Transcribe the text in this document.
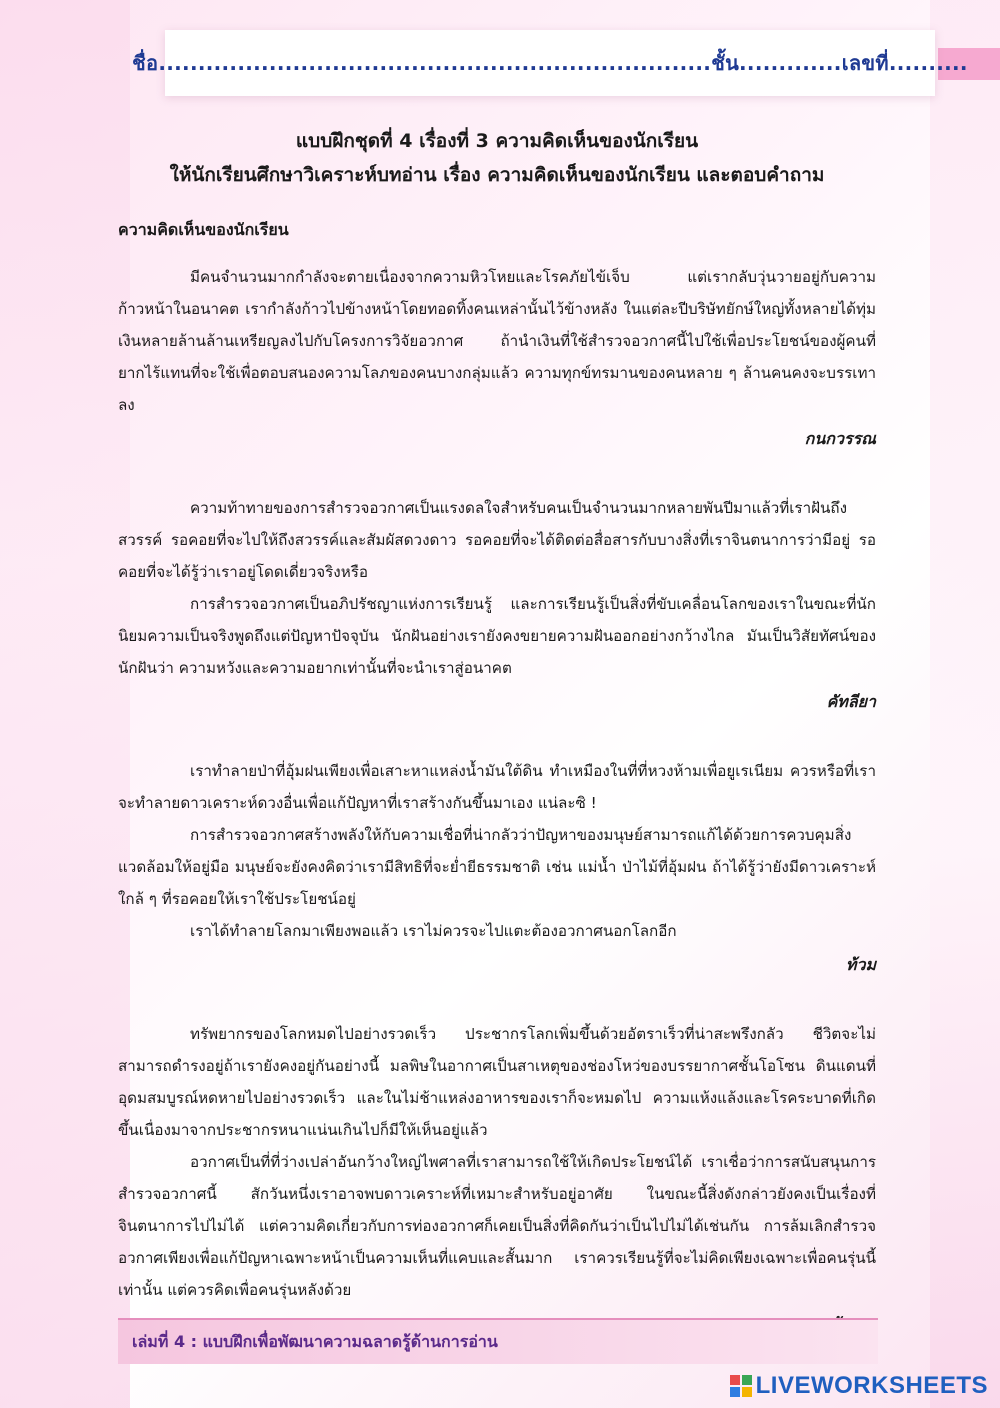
ชื่อ......................................................................ชั้น.............เลขที่..........
แบบฝึกชุดที่ 4 เรื่องที่ 3 ความคิดเห็นของนักเรียน
ให้นักเรียนศึกษาวิเคราะห์บทอ่าน เรื่อง ความคิดเห็นของนักเรียน และตอบคำถาม
ความคิดเห็นของนักเรียน

มีคนจำนวนมากกำลังจะตายเนื่องจากความหิวโหยและโรคภัยไข้เจ็บ แต่เรากลับวุ่นวายอยู่กับความก้าวหน้าในอนาคต เรากำลังก้าวไปข้างหน้าโดยทอดทิ้งคนเหล่านั้นไว้ข้างหลัง ในแต่ละปีบริษัทยักษ์ใหญ่ทั้งหลายได้ทุ่มเงินหลายล้านล้านเหรียญลงไปกับโครงการวิจัยอวกาศ ถ้านำเงินที่ใช้สำรวจอวกาศนี้ไปใช้เพื่อประโยชน์ของผู้คนที่ยากไร้แทนที่จะใช้เพื่อตอบสนองความโลภของคนบางกลุ่มแล้ว ความทุกข์ทรมานของคนหลาย ๆ ล้านคนคงจะบรรเทาลง

กนกวรรณ

ความท้าทายของการสำรวจอวกาศเป็นแรงดลใจสำหรับคนเป็นจำนวนมากหลายพันปีมาแล้วที่เราฝันถึงสวรรค์ รอคอยที่จะไปให้ถึงสวรรค์และสัมผัสดวงดาว รอคอยที่จะได้ติดต่อสื่อสารกับบางสิ่งที่เราจินตนาการว่ามีอยู่ รอคอยที่จะได้รู้ว่าเราอยู่โดดเดี่ยวจริงหรือ

การสำรวจอวกาศเป็นอภิปรัชญาแห่งการเรียนรู้ และการเรียนรู้เป็นสิ่งที่ขับเคลื่อนโลกของเราในขณะที่นักนิยมความเป็นจริงพูดถึงแต่ปัญหาปัจจุบัน นักฝันอย่างเรายังคงขยายความฝันออกอย่างกว้างไกล มันเป็นวิสัยทัศน์ของนักฝันว่า ความหวังและความอยากเท่านั้นที่จะนำเราสู่อนาคต

คัทลียา

เราทำลายป่าที่อุ้มฝนเพียงเพื่อเสาะหาแหล่งน้ำมันใต้ดิน ทำเหมืองในที่ที่หวงห้ามเพื่อยูเรเนียม ควรหรือที่เราจะทำลายดาวเคราะห์ดวงอื่นเพื่อแก้ปัญหาที่เราสร้างกันขึ้นมาเอง แน่ละซิ !

การสำรวจอวกาศสร้างพลังให้กับความเชื่อที่น่ากลัวว่าปัญหาของมนุษย์สามารถแก้ได้ด้วยการควบคุมสิ่งแวดล้อมให้อยู่มือ มนุษย์จะยังคงคิดว่าเรามีสิทธิที่จะย่ำยีธรรมชาติ เช่น แม่น้ำ ป่าไม้ที่อุ้มฝน ถ้าได้รู้ว่ายังมีดาวเคราะห์ใกล้ ๆ ที่รอคอยให้เราใช้ประโยชน์อยู่

เราได้ทำลายโลกมาเพียงพอแล้ว เราไม่ควรจะไปแตะต้องอวกาศนอกโลกอีก

ท้วม

ทรัพยากรของโลกหมดไปอย่างรวดเร็ว ประชากรโลกเพิ่มขึ้นด้วยอัตราเร็วที่น่าสะพรึงกลัว ชีวิตจะไม่สามารถดำรงอยู่ถ้าเรายังคงอยู่กันอย่างนี้ มลพิษในอากาศเป็นสาเหตุของช่องโหว่ของบรรยากาศชั้นโอโซน ดินแดนที่อุดมสมบูรณ์หดหายไปอย่างรวดเร็ว และในไม่ช้าแหล่งอาหารของเราก็จะหมดไป ความแห้งแล้งและโรคระบาดที่เกิดขึ้นเนื่องมาจากประชากรหนาแน่นเกินไปก็มีให้เห็นอยู่แล้ว

อวกาศเป็นที่ที่ว่างเปล่าอันกว้างใหญ่ไพศาลที่เราสามารถใช้ให้เกิดประโยชน์ได้ เราเชื่อว่าการสนับสนุนการสำรวจอวกาศนี้ สักวันหนึ่งเราอาจพบดาวเคราะห์ที่เหมาะสำหรับอยู่อาศัย ในขณะนี้สิ่งดังกล่าวยังคงเป็นเรื่องที่จินตนาการไปไม่ได้ แต่ความคิดเกี่ยวกับการท่องอวกาศก็เคยเป็นสิ่งที่คิดกันว่าเป็นไปไม่ได้เช่นกัน การล้มเลิกสำรวจอวกาศเพียงเพื่อแก้ปัญหาเฉพาะหน้าเป็นความเห็นที่แคบและสั้นมาก เราควรเรียนรู้ที่จะไม่คิดเพียงเฉพาะเพื่อคนรุ่นนี้เท่านั้น แต่ควรคิดเพื่อคนรุ่นหลังด้วย

เล่มที่ 4 : แบบฝึกเพื่อพัฒนาความฉลาดรู้ด้านการอ่าน
LIVEWORKSHEETS
